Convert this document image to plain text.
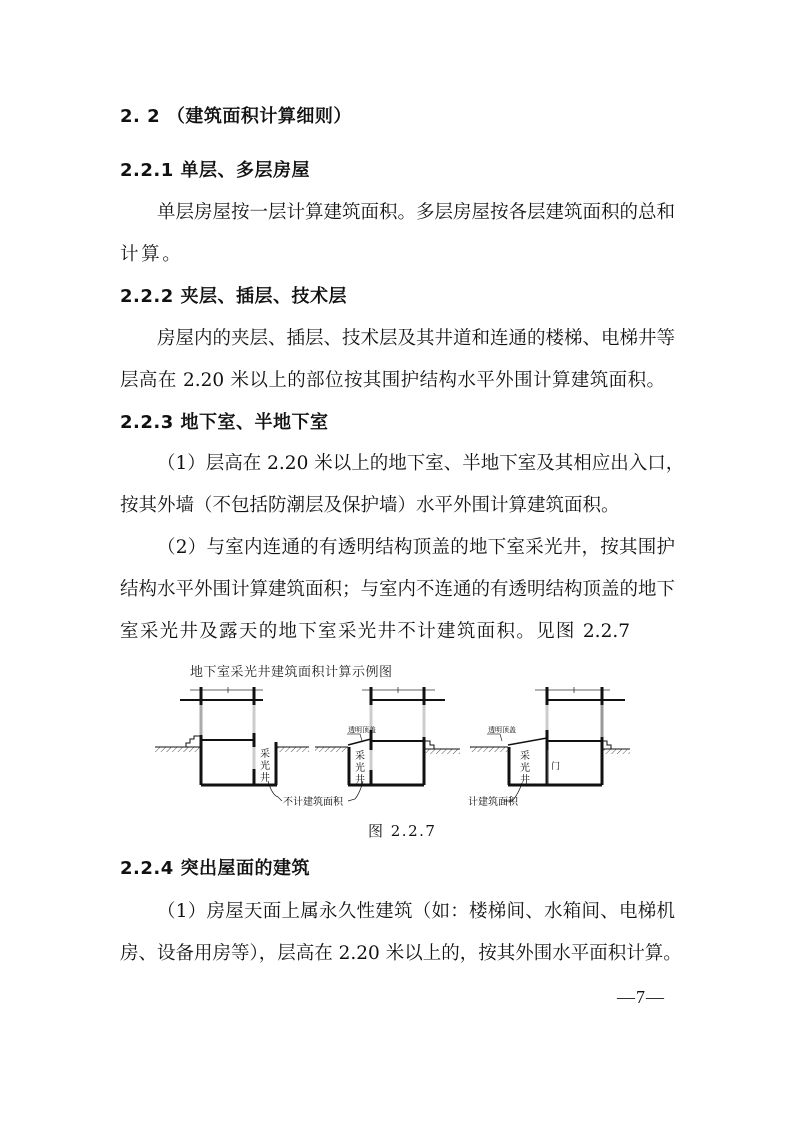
2. 2 （建筑面积计算细则）
2.2.1 单层、多层房屋
单层房屋按一层计算建筑面积。多层房屋按各层建筑面积的总和
计算。
2.2.2 夹层、插层、技术层
房屋内的夹层、插层、技术层及其井道和连通的楼梯、电梯井等
层高在 2.20 米以上的部位按其围护结构水平外围计算建筑面积。
2.2.3 地下室、半地下室
（1）层高在 2.20 米以上的地下室、半地下室及其相应出入口，
按其外墙（不包括防潮层及保护墙）水平外围计算建筑面积。
（2）与室内连通的有透明结构顶盖的地下室采光井，按其围护
结构水平外围计算建筑面积；与室内不连通的有透明结构顶盖的地下
室采光井及露天的地下室采光井不计建筑面积。见图 2.2.7
地下室采光井建筑面积计算示例图
采
光
井
透明顶盖
采
光
井
透明顶盖
采
光
井
门
不计建筑面积	计建筑面积
图 2.2.7
2.2.4 突出屋面的建筑
（1）房屋天面上属永久性建筑（如：楼梯间、水箱间、电梯机
房、设备用房等），层高在 2.20 米以上的，按其外围水平面积计算。
—7—
